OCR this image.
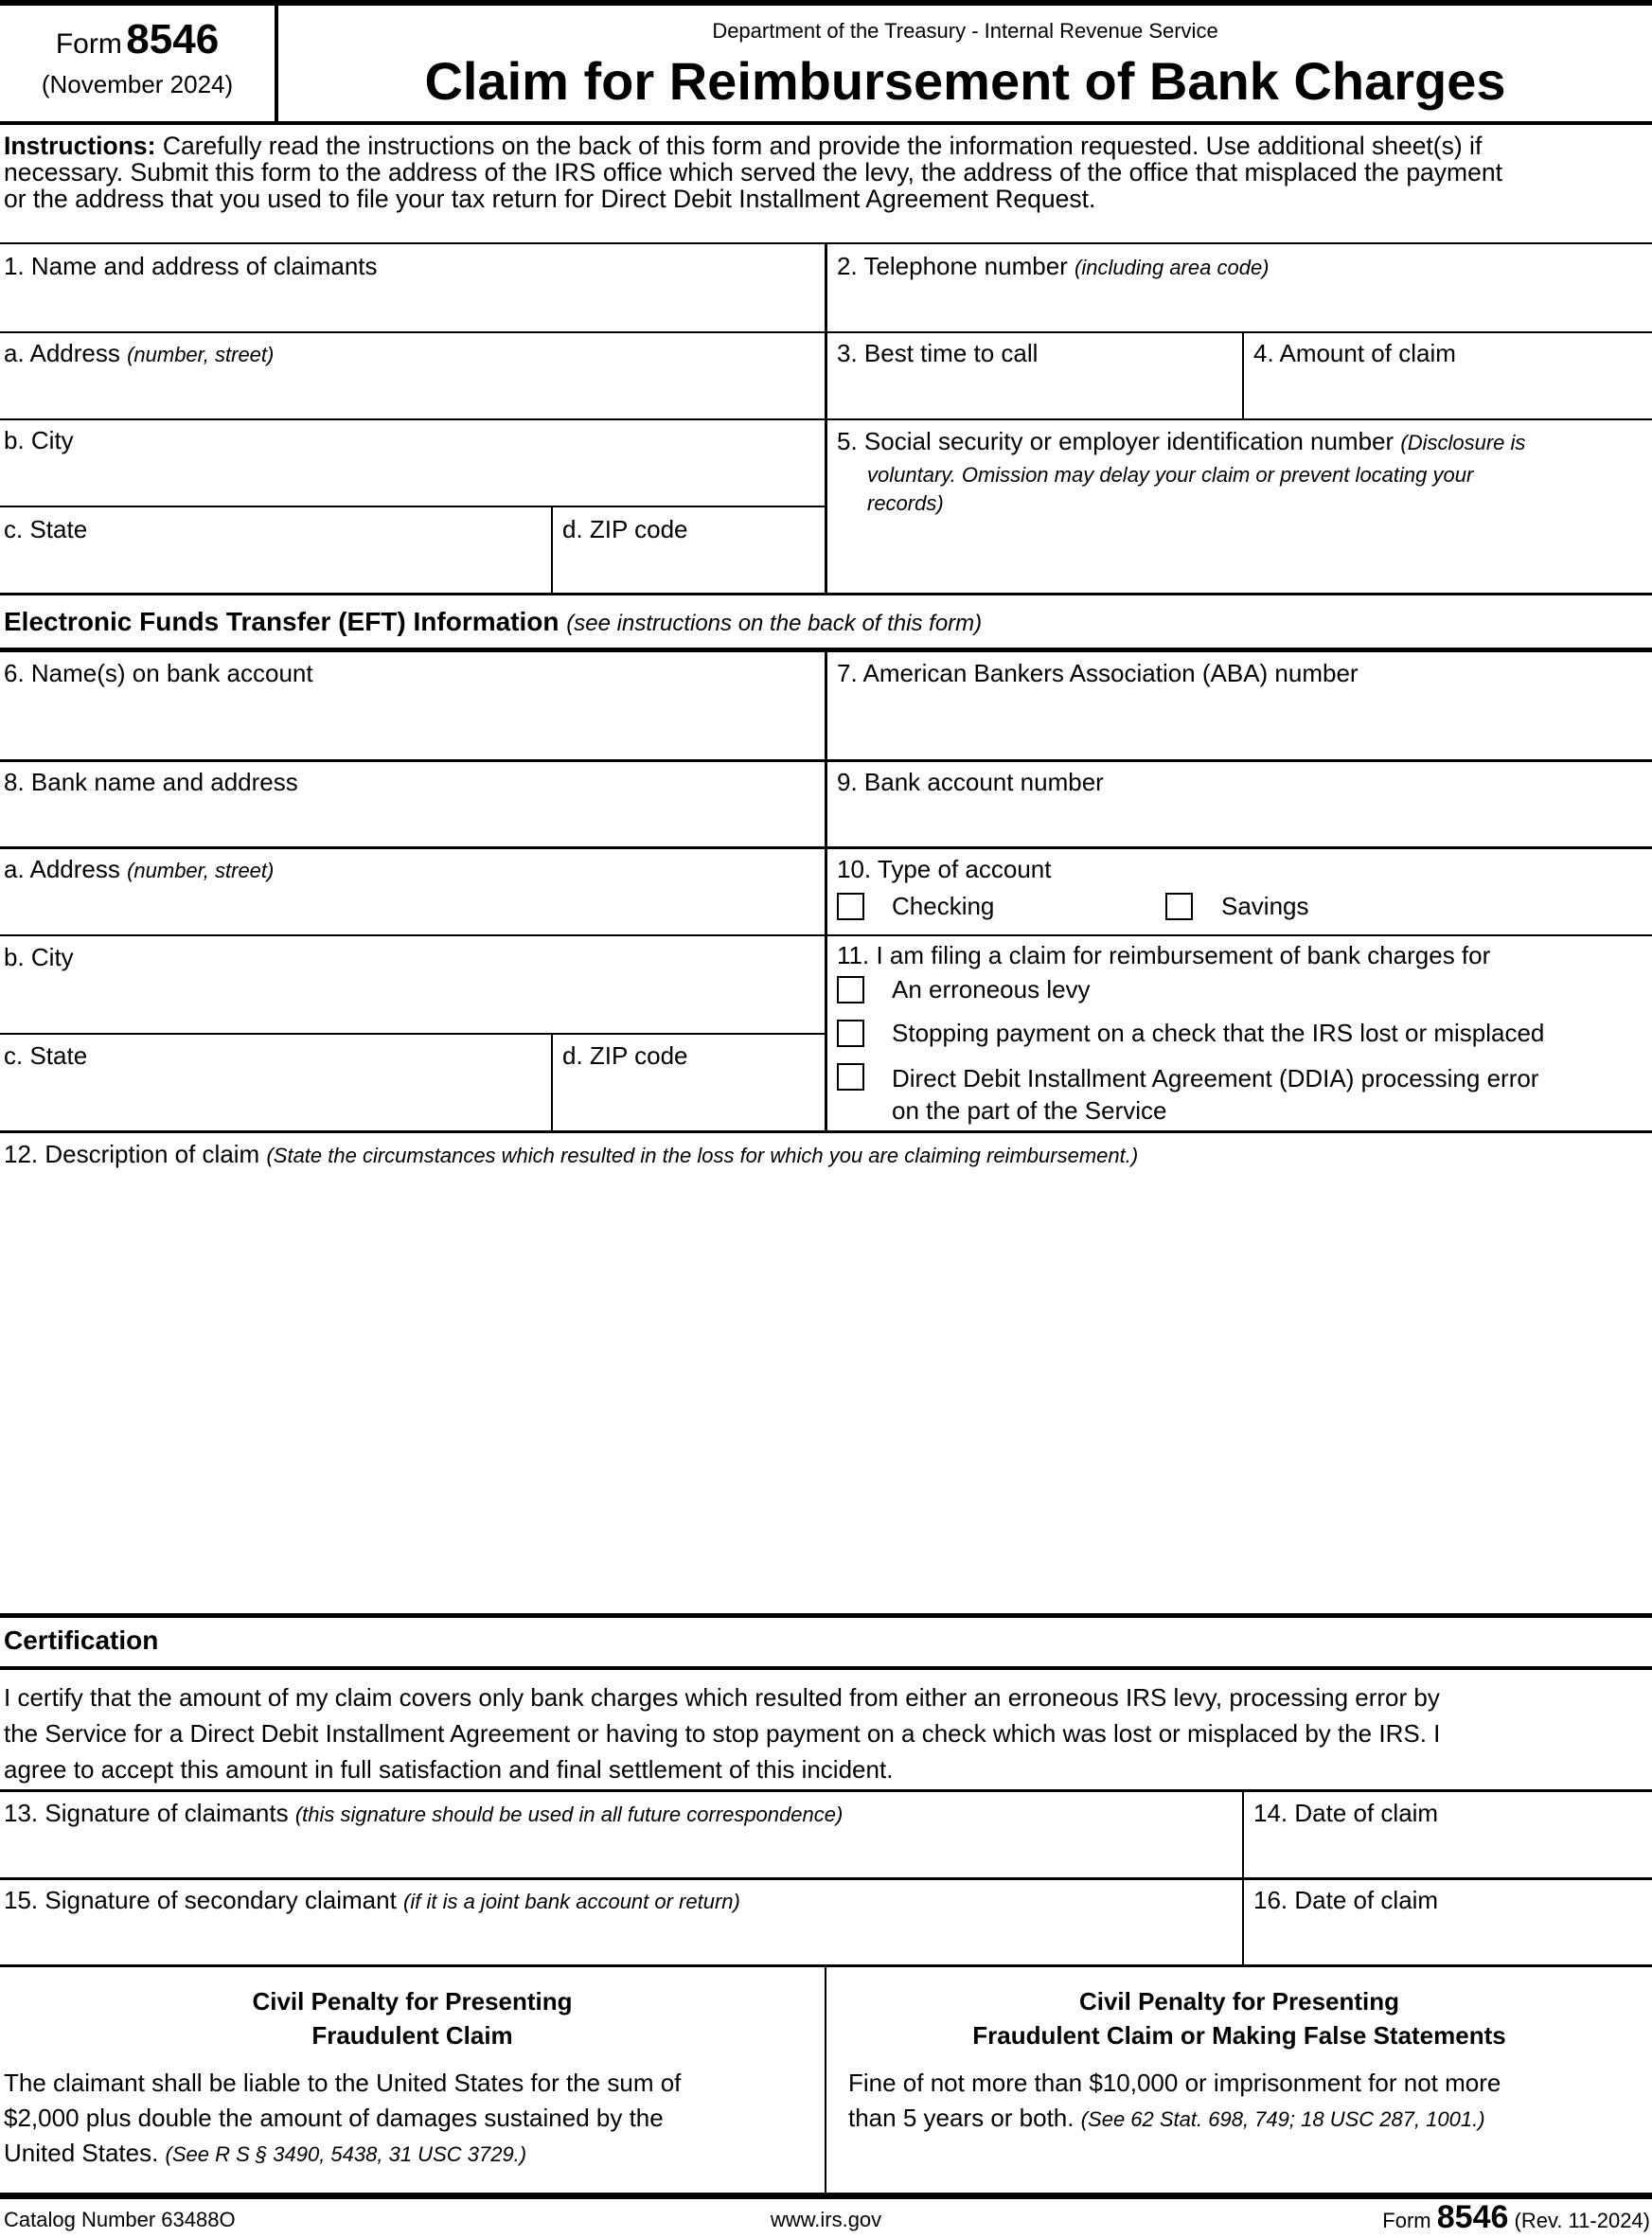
Form 8546
(November 2024)
Department of the Treasury - Internal Revenue Service
Claim for Reimbursement of Bank Charges
Instructions: Carefully read the instructions on the back of this form and provide the information requested. Use additional sheet(s) if
necessary. Submit this form to the address of the IRS office which served the levy, the address of the office that misplaced the payment
or the address that you used to file your tax return for Direct Debit Installment Agreement Request.
1. Name and address of claimants	2. Telephone number (including area code)
a. Address (number, street)	3. Best time to call	4. Amount of claim
b. City	5. Social security or employer identification number (Disclosure is
voluntary. Omission may delay your claim or prevent locating your
records)
c. State	d. ZIP code
Electronic Funds Transfer (EFT) Information (see instructions on the back of this form)
6. Name(s) on bank account	7. American Bankers Association (ABA) number
8. Bank name and address	9. Bank account number
a. Address (number, street)	10. Type of account
Checking	Savings
b. City	11. I am filing a claim for reimbursement of bank charges for
An erroneous levy
Stopping payment on a check that the IRS lost or misplaced
Direct Debit Installment Agreement (DDIA) processing error
on the part of the Service
c. State	d. ZIP code
12. Description of claim (State the circumstances which resulted in the loss for which you are claiming reimbursement.)
Certification
I certify that the amount of my claim covers only bank charges which resulted from either an erroneous IRS levy, processing error by
the Service for a Direct Debit Installment Agreement or having to stop payment on a check which was lost or misplaced by the IRS. I
agree to accept this amount in full satisfaction and final settlement of this incident.
13. Signature of claimants (this signature should be used in all future correspondence)	14. Date of claim
15. Signature of secondary claimant (if it is a joint bank account or return)	16. Date of claim
Civil Penalty for Presenting
Fraudulent Claim
The claimant shall be liable to the United States for the sum of
$2,000 plus double the amount of damages sustained by the
United States. (See R S § 3490, 5438, 31 USC 3729.)
Civil Penalty for Presenting
Fraudulent Claim or Making False Statements
Fine of not more than $10,000 or imprisonment for not more
than 5 years or both. (See 62 Stat. 698, 749; 18 USC 287, 1001.)
Catalog Number 63488O	www.irs.gov	Form 8546 (Rev. 11-2024)
